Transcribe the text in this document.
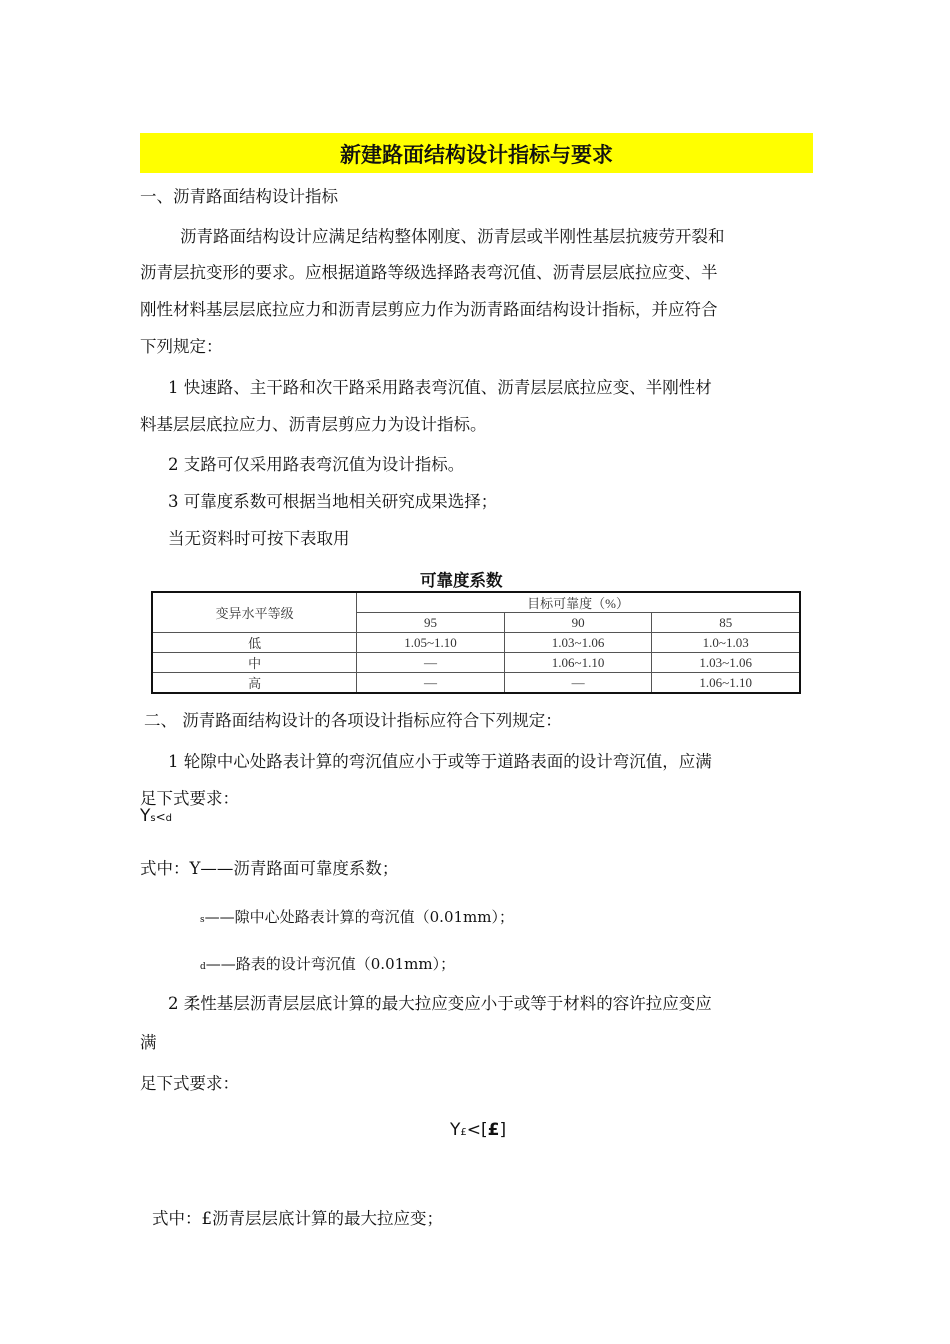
新建路面结构设计指标与要求
一、沥青路面结构设计指标
沥青路面结构设计应满足结构整体刚度、沥青层或半刚性基层抗疲劳开裂和
沥青层抗变形的要求。应根据道路等级选择路表弯沉值、沥青层层底拉应变、半
刚性材料基层层底拉应力和沥青层剪应力作为沥青路面结构设计指标，并应符合
下列规定：
1 快速路、主干路和次干路采用路表弯沉值、沥青层层底拉应变、半刚性材
料基层层底拉应力、沥青层剪应力为设计指标。
2 支路可仅采用路表弯沉值为设计指标。
3 可靠度系数可根据当地相关研究成果选择；
当无资料时可按下表取用
可靠度系数
变异水平等级	目标可靠度（%）		
	95	90	85
低	1.05~1.10	1.03~1.06	1.0~1.03
中	—	1.06~1.10	1.03~1.06
高	—	—	1.06~1.10
二、 沥青路面结构设计的各项设计指标应符合下列规定：
1 轮隙中心处路表计算的弯沉值应小于或等于道路表面的设计弯沉值，应满
足下式要求：
Ys<d
式中：Y——沥青路面可靠度系数；
s——隙中心处路表计算的弯沉值（0.01mm）；
d——路表的设计弯沉值（0.01mm）；
2 柔性基层沥青层层底计算的最大拉应变应小于或等于材料的容许拉应变应
满
足下式要求：
Y£<[£]
式中：£沥青层层底计算的最大拉应变；
